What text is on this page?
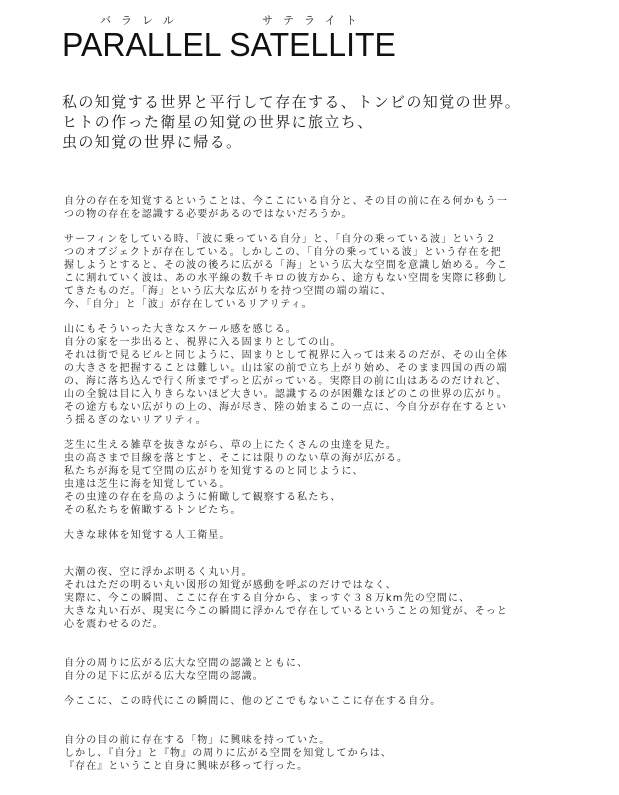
バラレル	サテライト
PARALLEL SATELLITE
私の知覚する世界と平行して存在する、トンビの知覚の世界。
ヒトの作った衛星の知覚の世界に旅立ち、
虫の知覚の世界に帰る。
自分の存在を知覚するということは、今ここにいる自分と、その目の前に在る何かもう一
つの物の存在を認識する必要があるのではないだろうか。
サーフィンをしている時、「波に乗っている自分」と、「自分の乗っている波」という２
つのオブジェクトが存在している。しかしこの、「自分の乗っている波」という存在を把
握しようとすると、その波の後ろに広がる「海」という広大な空間を意識し始める。今こ
こに割れていく波は、あの水平線の数千キロの彼方から、途方もない空間を実際に移動し
てきたものだ。「海」という広大な広がりを持つ空間の端の端に、
今、「自分」と「波」が存在しているリアリティ。
山にもそういった大きなスケール感を感じる。
自分の家を一歩出ると、視界に入る固まりとしての山。
それは街で見るビルと同じように、固まりとして視界に入っては来るのだが、その山全体
の大きさを把握することは難しい。山は家の前で立ち上がり始め、そのまま四国の西の端
の、海に落ち込んで行く所までずっと広がっている。実際目の前に山はあるのだけれど、
山の全貌は目に入りきらないほど大きい。認識するのが困難なほどのこの世界の広がり。
その途方もない広がりの上の、海が尽き、陸の始まるこの一点に、今自分が存在するとい
う揺るぎのないリアリティ。
芝生に生える雑草を抜きながら、草の上にたくさんの虫達を見た。
虫の高さまで目線を落とすと、そこには限りのない草の海が広がる。
私たちが海を見て空間の広がりを知覚するのと同じように、
虫達は芝生に海を知覚している。
その虫達の存在を鳥のように俯瞰して観察する私たち、
その私たちを俯瞰するトンビたち。
大きな球体を知覚する人工衛星。
大潮の夜、空に浮かぶ明るく丸い月。
それはただの明るい丸い図形の知覚が感動を呼ぶのだけではなく、
実際に、今この瞬間、ここに存在する自分から、まっすぐ３８万km先の空間に、
大きな丸い石が、現実に今この瞬間に浮かんで存在しているということの知覚が、そっと
心を震わせるのだ。
自分の周りに広がる広大な空間の認識とともに、
自分の足下に広がる広大な空間の認識。
今ここに、この時代にこの瞬間に、他のどこでもないここに存在する自分。
自分の目の前に存在する「物」に興味を持っていた。
しかし、『自分』と『物』の周りに広がる空間を知覚してからは、
『存在』ということ自身に興味が移って行った。
